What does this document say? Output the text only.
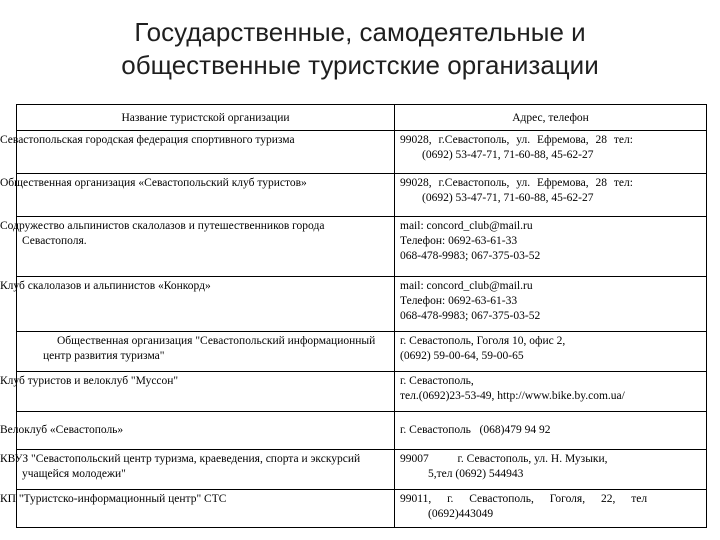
Государственные, самодеятельные и
общественные туристские организации
Название туристской организации	Адрес, телефон
Севастопольская городская федерация спортивного туризма	99028, г.Севастополь, ул. Ефремова, 28 тел:
(0692) 53-47-71, 71-60-88, 45-62-27

Общественная организация «Севастопольский клуб туристов»	99028, г.Севастополь, ул. Ефремова, 28 тел:
(0692) 53-47-71, 71-60-88, 45-62-27

Содружество альпинистов скалолазов и путешественников города Севастополя.	mail: concord_club@mail.ru
Телефон: 0692-63-61-33
068-478-9983; 067-375-03-52

Клуб скалолазов и альпинистов «Конкорд»	mail: concord_club@mail.ru
Телефон: 0692-63-61-33
068-478-9983; 067-375-03-52

Общественная организация "Севастопольский информационный центр развития туризма"	г. Севастополь, Гоголя 10, офис 2,
(0692) 59-00-64, 59-00-65

Клуб туристов и велоклуб "Муссон"	г. Севастополь,
тел.(0692)23-53-49, http://www.bike.by.com.ua/

Велоклуб «Севастополь»	г. Севастополь   (068)479 94 92

КВУЗ "Севастопольский центр туризма, краеведения, спорта и экскурсий учащейся молодежи"	99007          г. Севастополь, ул. Н. Музыки,
5,тел (0692) 544943

КП "Туристско-информационный центр" СТС	99011, г. Севастополь, Гоголя, 22, тел
(0692)443049
